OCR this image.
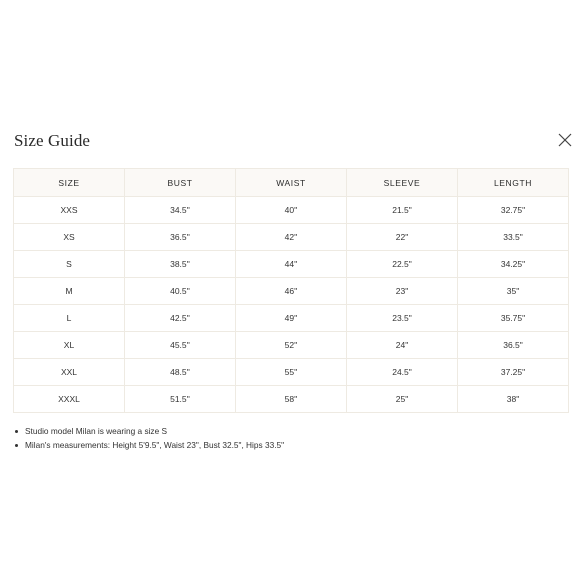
Size Guide
SIZE	BUST	WAIST	SLEEVE	LENGTH
XXS	34.5''	40''	21.5"	32.75"
XS	36.5''	42''	22"	33.5"
S	38.5''	44''	22.5"	34.25"
M	40.5''	46''	23"	35"
L	42.5''	49''	23.5"	35.75"
XL	45.5''	52''	24"	36.5"
XXL	48.5''	55''	24.5"	37.25"
XXXL	51.5''	58''	25"	38"
Studio model Milan is wearing a size S
Milan's measurements: Height 5'9.5", Waist 23", Bust 32.5", Hips 33.5"
